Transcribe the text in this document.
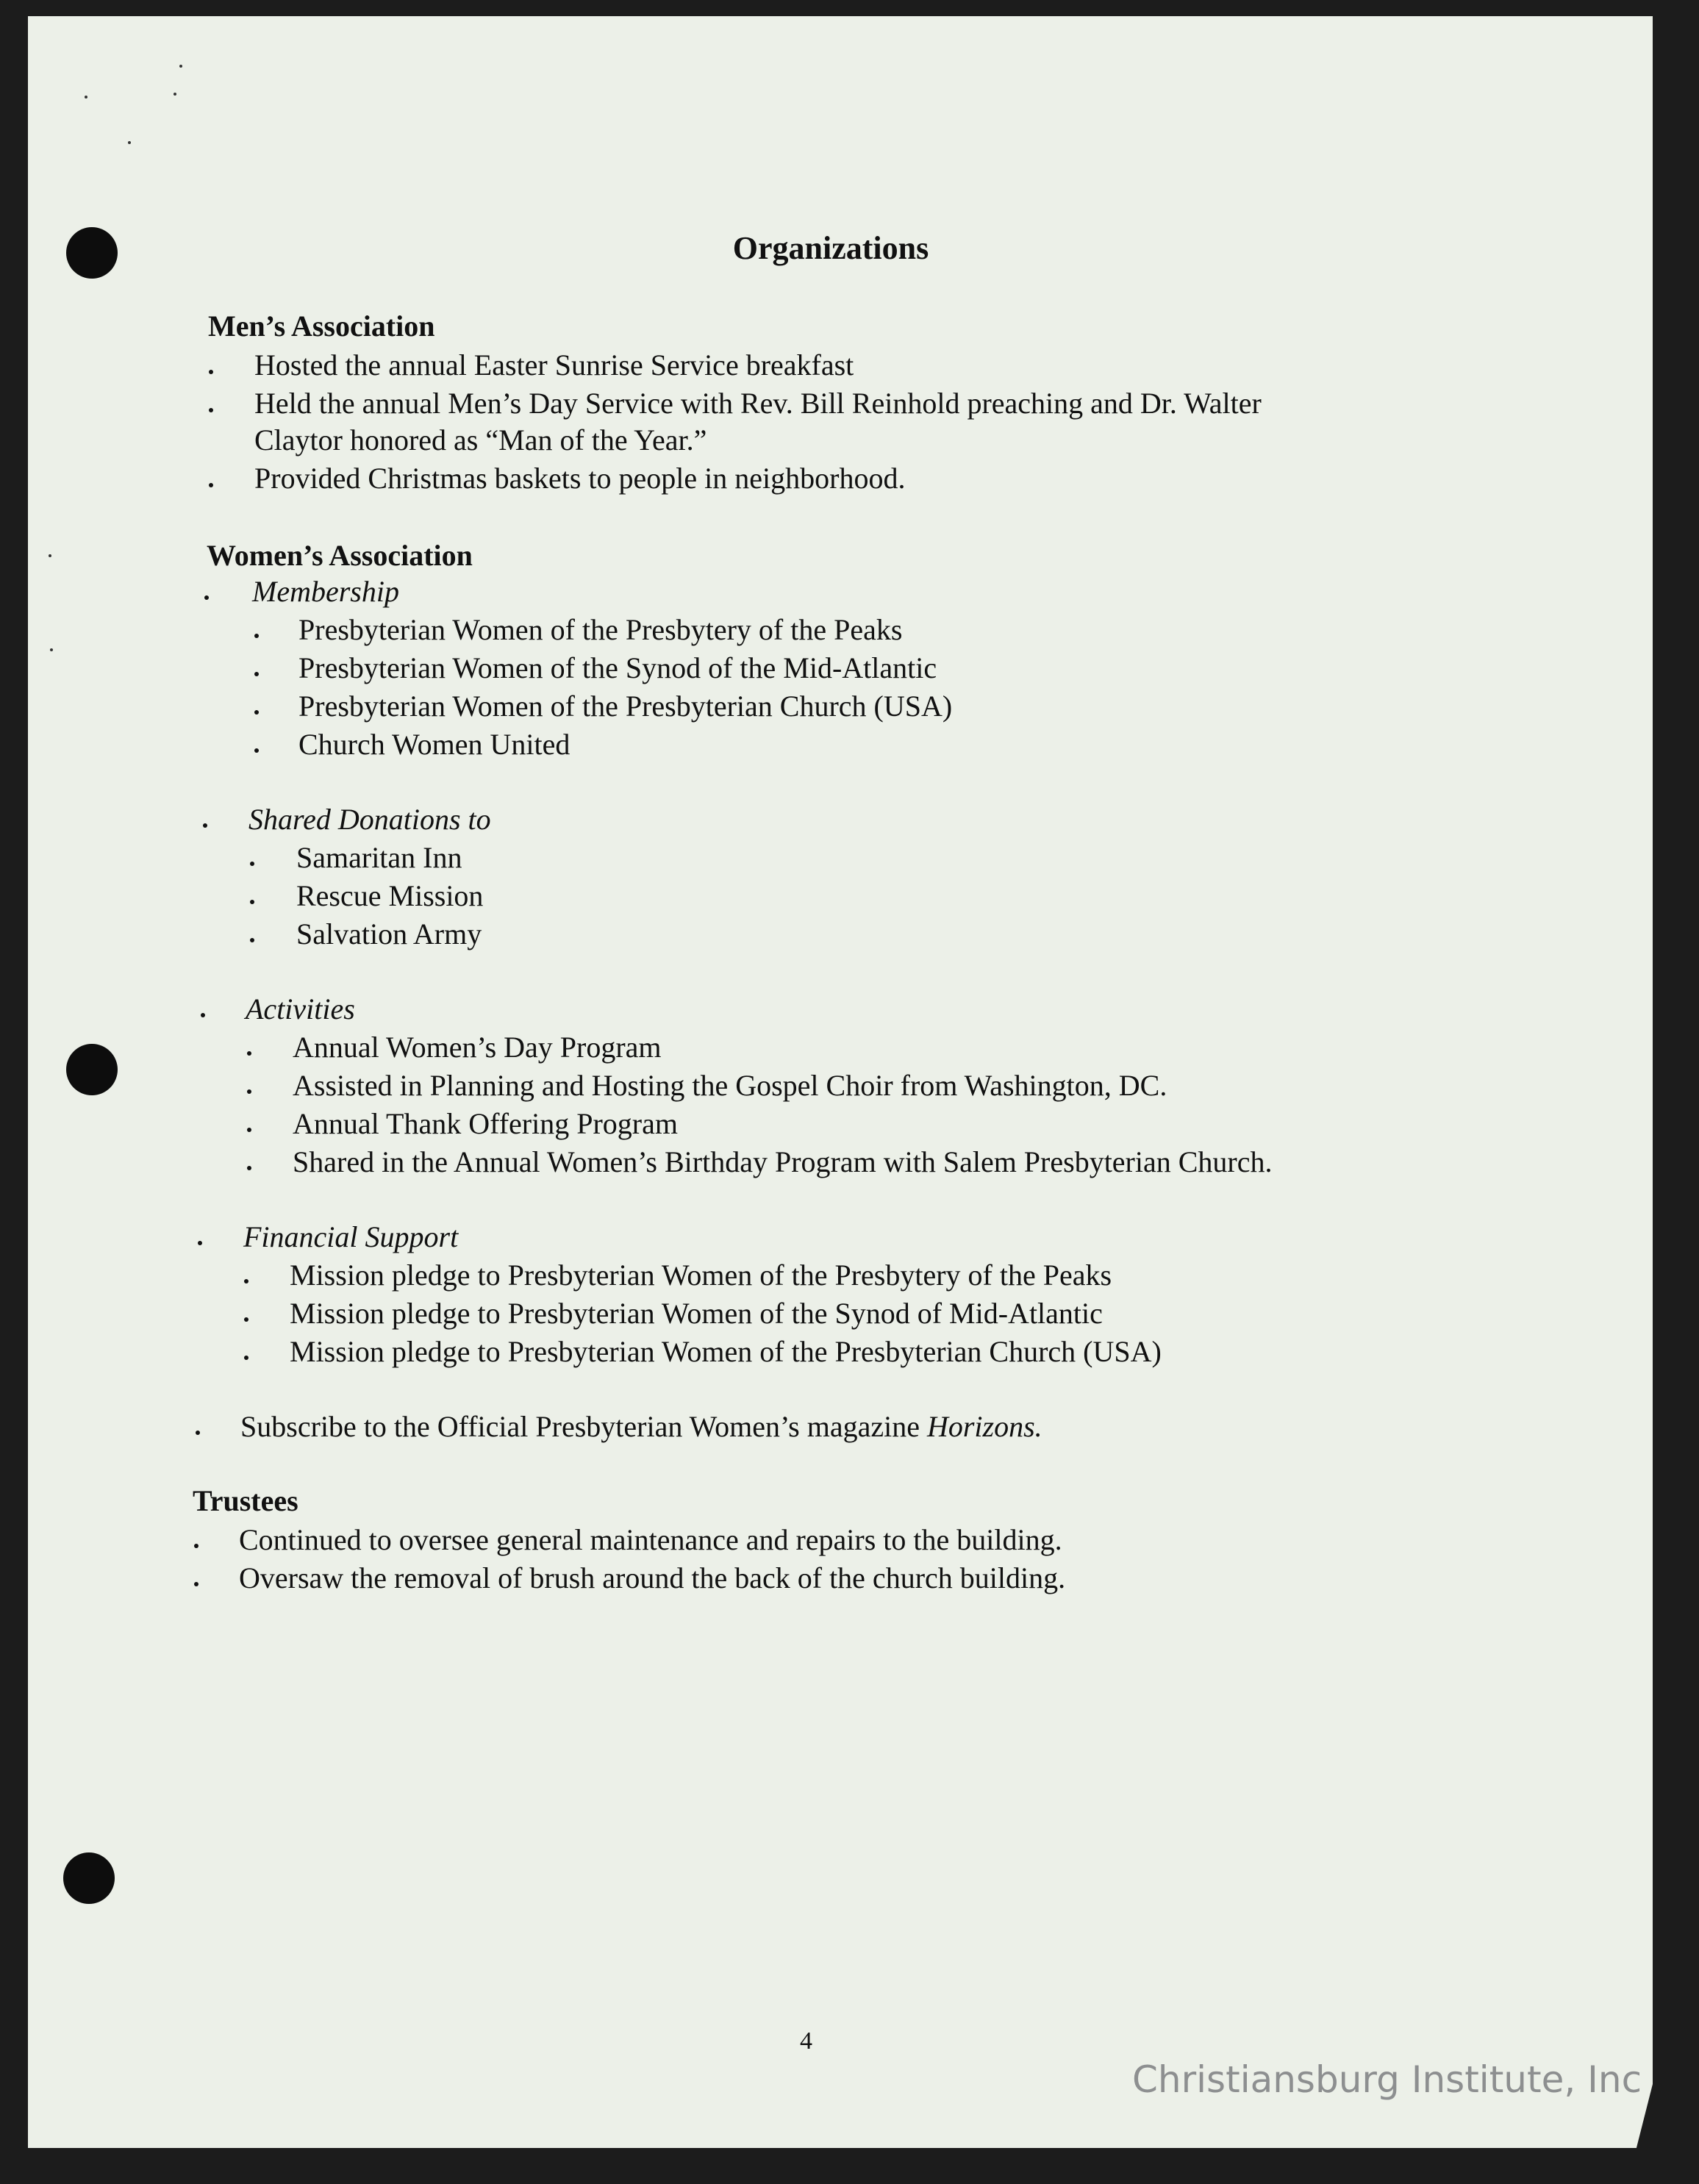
Organizations
Men’s Association
Hosted the annual Easter Sunrise Service breakfast
Held the annual Men’s Day Service with Rev. Bill Reinhold preaching and Dr. Walter
Claytor honored as “Man of the Year.”
Provided Christmas baskets to people in neighborhood.
Women’s Association
Membership
Presbyterian Women of the Presbytery of the Peaks
Presbyterian Women of the Synod of the Mid-Atlantic
Presbyterian Women of the Presbyterian Church (USA)
Church Women United
Shared Donations to
Samaritan Inn
Rescue Mission
Salvation Army
Activities
Annual Women’s Day Program
Assisted in Planning and Hosting the Gospel Choir from Washington, DC.
Annual Thank Offering Program
Shared in the Annual Women’s Birthday Program with Salem Presbyterian Church.
Financial Support
Mission pledge to Presbyterian Women of the Presbytery of the Peaks
Mission pledge to Presbyterian Women of the Synod of Mid-Atlantic
Mission pledge to Presbyterian Women of the Presbyterian Church (USA)
Subscribe to the Official Presbyterian Women’s magazine Horizons.
Trustees
Continued to oversee general maintenance and repairs to the building.
Oversaw the removal of brush around the back of the church building.
4
Christiansburg Institute, Inc
